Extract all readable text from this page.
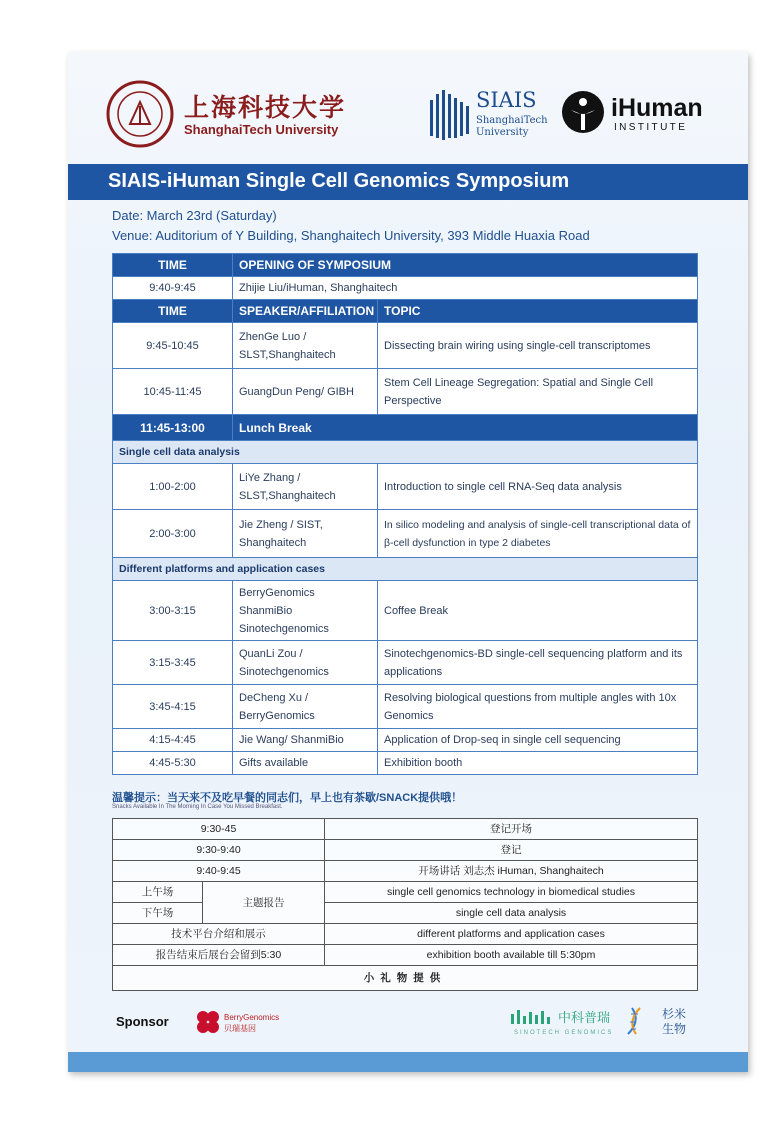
上海科技大学
ShanghaiTech University
SIAIS
ShanghaiTech University
iHuman
INSTITUTE
SIAIS-iHuman Single Cell Genomics Symposium
Date: March 23rd (Saturday)
Venue: Auditorium of Y Building, Shanghaitech University, 393 Middle Huaxia Road
TIME	OPENING OF SYMPOSIUM	
9:40-9:45	Zhijie Liu/iHuman, Shanghaitech	
TIME	SPEAKER/AFFILIATION	TOPIC
9:45-10:45	ZhenGe Luo / SLST,Shanghaitech	Dissecting brain wiring using single-cell transcriptomes
10:45-11:45	GuangDun Peng/ GIBH	Stem Cell Lineage Segregation: Spatial and Single Cell Perspective
11:45-13:00	Lunch Break	
Single cell data analysis		
1:00-2:00	LiYe Zhang / SLST,Shanghaitech	Introduction to single cell RNA-Seq data analysis
2:00-3:00	Jie Zheng / SIST, Shanghaitech	In silico modeling and analysis of single-cell transcriptional data of β-cell dysfunction in type 2 diabetes
Different platforms and application cases		
3:00-3:15	BerryGenomics ShanmiBio Sinotechgenomics	Coffee Break
3:15-3:45	QuanLi Zou / Sinotechgenomics	Sinotechgenomics-BD single-cell sequencing platform and its applications
3:45-4:15	DeCheng Xu / BerryGenomics	Resolving biological questions from multiple angles with 10x Genomics
4:15-4:45	Jie Wang/ ShanmiBio	Application of Drop-seq in single cell sequencing
4:45-5:30	Gifts available	Exhibition booth
温馨提示：当天来不及吃早餐的同志们，早上也有茶歇/SNACK提供哦！
Snacks Available In The Morning In Case You Missed Breakfast.
9:30-45		登记开场
9:30-9:40		登记
9:40-9:45		开场讲话 刘志杰 iHuman, Shanghaitech
上午场	主题报告	single cell genomics technology in biomedical studies
下午场		single cell data analysis
技术平台介绍和展示		different platforms and application cases
报告结束后展台会留到5:30		exhibition booth available till 5:30pm
小礼物提供		
Sponsor	BerryGenomics
贝瑞基因
中科普瑞
SINOTECH GENOMICS
杉米生物
